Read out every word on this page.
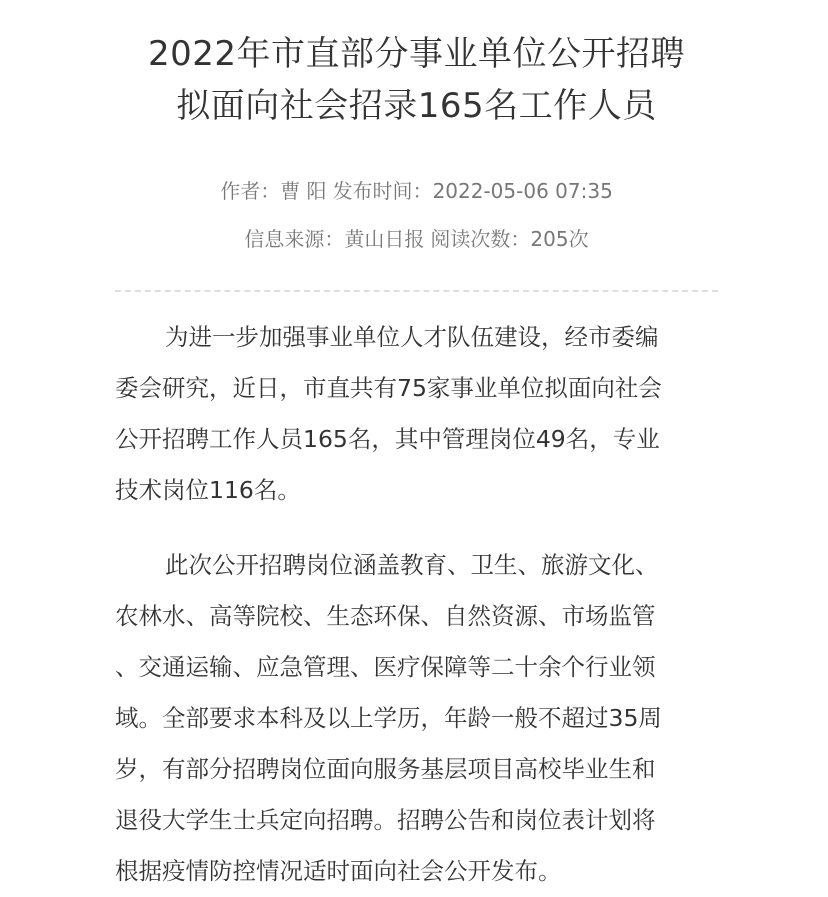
2022年市直部分事业单位公开招聘
拟面向社会招录165名工作人员
作者：曹 阳 发布时间：2022-05-06 07:35
信息来源：黄山日报 阅读次数：205次

为进一步加强事业单位人才队伍建设，经市委编
委会研究，近日，市直共有75家事业单位拟面向社会
公开招聘工作人员165名，其中管理岗位49名，专业
技术岗位116名。

此次公开招聘岗位涵盖教育、卫生、旅游文化、
农林水、高等院校、生态环保、自然资源、市场监管
、交通运输、应急管理、医疗保障等二十余个行业领
域。全部要求本科及以上学历，年龄一般不超过35周
岁，有部分招聘岗位面向服务基层项目高校毕业生和
退役大学生士兵定向招聘。招聘公告和岗位表计划将
根据疫情防控情况适时面向社会公开发布。
